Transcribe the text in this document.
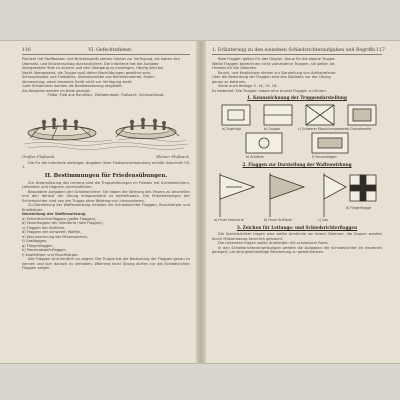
116	VI. Gefechtsdienst.

Pioniere mit Stoffbooten und Brückengerät stehen hierbei zur Verfügung, sie haben den

Übersetz- und Brückenschlag durchzuführen. Die Infanterie hat die Aufgabe

übergesetzte Teile zu sichern und den Übergang zu erzwingen. Häufig wird bei

Nacht übergesetzt, die Truppe muß daher Nachtübungen gewöhnt sein.

Schlauchboote und Floßsäcke, Übersetzmittel aus Behelfsmaterial, finden

Verwendung, wenn besseres Gerät nicht zur Verfügung steht.

Gute Schwimmer werden als Bootsbesatzung eingeteilt.

Als Beispiele werden im Bilde gezeigt:

Flöße, Floß aus Rundholz, Zeltbahnboot, Floßsack, Schlauchboot.

Großer Floßsack.	Kleiner Floßsack.

Die für die Infanterie wichtigen Angaben über Floßsackverwendung enthält Abschnitt VII, 1.

II. Bestimmungen für Friedensübungen.

Zur Unterstützung des Lehrens sind die Truppenübungen im Frieden mit Schiedsrichtern, Leitenden und Gegnern durchzuführen.

Besondere Aufgaben der Schiedsrichter: Sie haben die Wirkung des Feuers zu beurteilen und den Verlauf der Übung entsprechend zu beeinflussen. Die Entscheidungen der Schiedsrichter sind von der Truppe ohne Widerspruch hinzunehmen.

Zu Darstellung der Waffenwirkung erhalten die Schiedsrichter Flaggen, Rauchkörper und Knallkörper.

Darstellung der Waffenwirkung

a) Schiedsrichterflaggen (gelbe Flaggen),

b) Feuerflaggen der Infanterie (rote Flaggen),

c) Flaggen der Artillerie,

d) Flaggen der schweren Waffen,

e) Kennzeichnung der Minensperren,

f) Gasflaggen,

g) Fliegerflaggen,

h) Panzerabwehrflaggen.

i) Knallkörper und Rauchkörper.

Alle Flaggen sind deutlich zu zeigen. Die Truppe hat die Bedeutung der Flaggen genau zu kennen und sich danach zu verhalten. Während einer Übung dürfen nur die Schiedsrichter Flaggen zeigen.

1. Erläuterung zu den einzelnen Schiedsrichteraufgaben und Begriffe. 117

Rote Flaggen gelten für den Gegner, blaue für die eigene Truppe.

Weiße Flaggen bezeichnen nicht vorhandene Truppen, sie gelten als

Hinweis für die Übenden.

Rauch- und Knallkörper dienen zur Darstellung von Artilleriefeuer.

Über die Bedeutung der Flaggen sind alle Soldaten vor der Übung

genau zu belehren.

Siehe auch Beilage S. 14, 15, 16.

Es bedeutet: Die Truppen haben eine Anzahl Flaggen zu führen.

1. Kennzeichnung der Truppendarstellung
a) Zugtrupp	b) Gruppe	c) Schwerer Maschinengewehr d) Granatwerfer
e) Artillerie	f) Panzerwagen
2. Flaggen zur Darstellung der Waffenwirkung
a) Feuer Infanterie	b) Feuer Artillerie	c) Gas
d) Fliegerflagge
3. Zeichen für Leitungs- und Schiedsrichterflaggen

Die Schiedsrichter tragen eine weiße Armbinde am linken Oberarm, die Gegner werden durch Mützenbezug kenntlich gemacht.

Die Leitenden tragen weiße Armbinden mit schwarzem Rand.

In den Schiedsrichteranweisungen werden die Aufgaben der Schiedsrichter im einzelnen geregelt, um eine gleichmäßige Beurteilung zu gewährleisten.
